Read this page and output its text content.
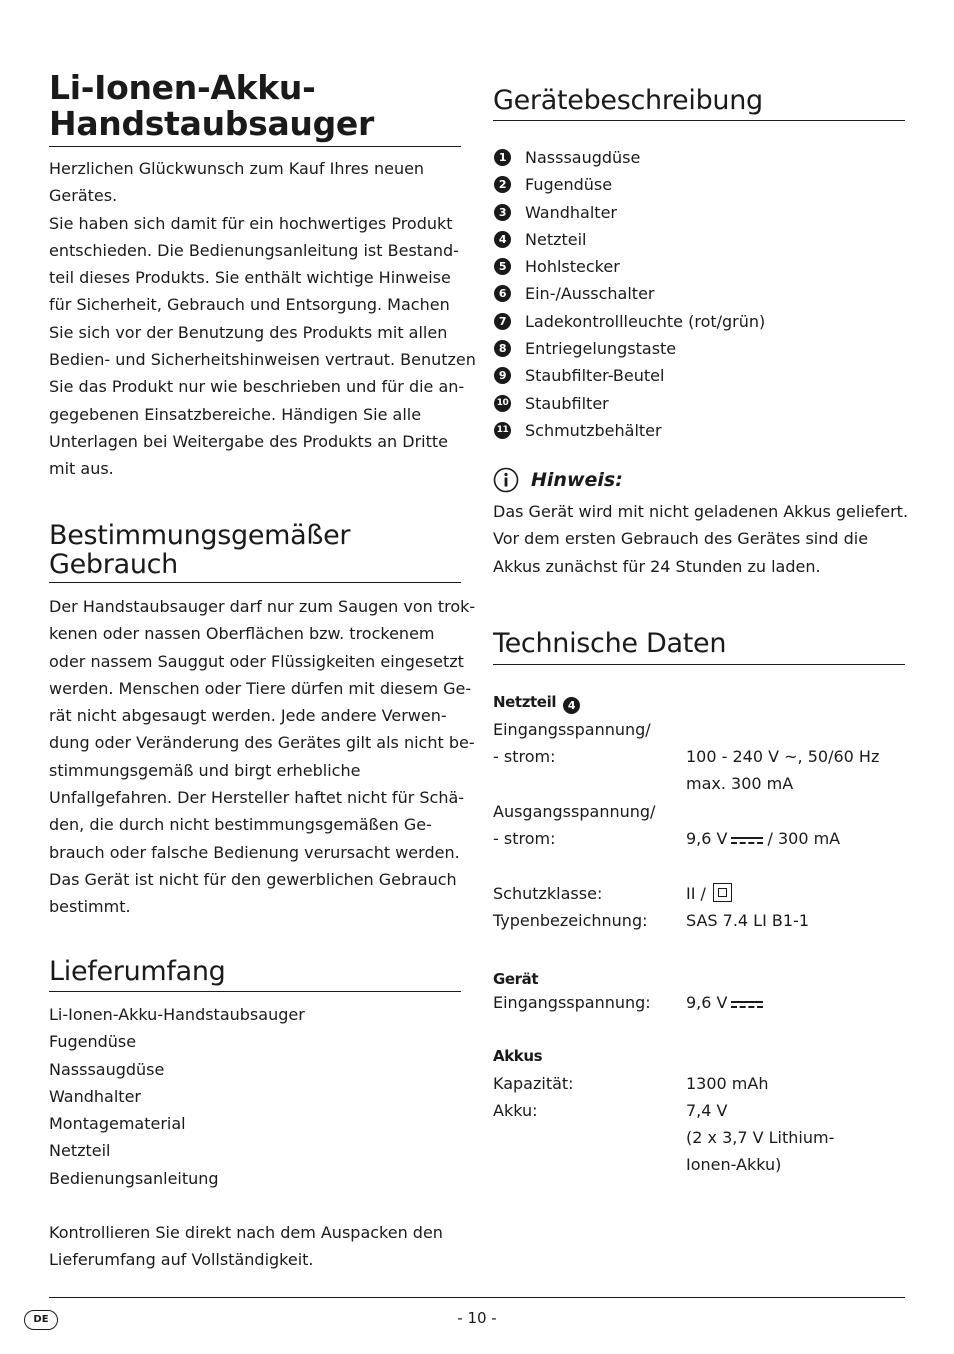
Li-Ionen-Akku-
Handstaubsauger
Herzlichen Glückwunsch zum Kauf Ihres neuen
Gerätes.
Sie haben sich damit für ein hochwertiges Produkt
entschieden. Die Bedienungsanleitung ist Bestand-
teil dieses Produkts. Sie enthält wichtige Hinweise
für Sicherheit, Gebrauch und Entsorgung. Machen
Sie sich vor der Benutzung des Produkts mit allen
Bedien- und Sicherheitshinweisen vertraut. Benutzen
Sie das Produkt nur wie beschrieben und für die an-
gegebenen Einsatzbereiche. Händigen Sie alle
Unterlagen bei Weitergabe des Produkts an Dritte
mit aus.
Bestimmungsgemäßer
Gebrauch
Der Handstaubsauger darf nur zum Saugen von trok-
kenen oder nassen Oberflächen bzw. trockenem
oder nassem Sauggut oder Flüssigkeiten eingesetzt
werden. Menschen oder Tiere dürfen mit diesem Ge-
rät nicht abgesaugt werden. Jede andere Verwen-
dung oder Veränderung des Gerätes gilt als nicht be-
stimmungsgemäß und birgt erhebliche
Unfallgefahren. Der Hersteller haftet nicht für Schä-
den, die durch nicht bestimmungsgemäßen Ge-
brauch oder falsche Bedienung verursacht werden.
Das Gerät ist nicht für den gewerblichen Gebrauch
bestimmt.
Lieferumfang
Li-Ionen-Akku-Handstaubsauger
Fugendüse
Nasssaugdüse
Wandhalter
Montagematerial
Netzteil
Bedienungsanleitung
Kontrollieren Sie direkt nach dem Auspacken den
Lieferumfang auf Vollständigkeit.
Gerätebeschreibung
1	Nasssaugdüse
2	Fugendüse
3	Wandhalter
4	Netzteil
5	Hohlstecker
6	Ein-/Ausschalter
7	Ladekontrollleuchte (rot/grün)
8	Entriegelungstaste
9	Staubfilter-Beutel
10 Staubfilter
11 Schmutzbehälter
Hinweis:
Das Gerät wird mit nicht geladenen Akkus geliefert.
Vor dem ersten Gebrauch des Gerätes sind die
Akkus zunächst für 24 Stunden zu laden.
Technische Daten
Netzteil 4
Eingangsspannung/
- strom:	100 - 240 V ~, 50/60 Hz
max. 300 mA
Ausgangsspannung/
- strom:	9,6 V	/ 300 mA
Schutzklasse:	II /
Typenbezeichnung: SAS 7.4 LI B1-1
Gerät
Eingangsspannung: 9,6 V
Akkus
Kapazität:	1300 mAh
Akku:	7,4 V
(2 x 3,7 V Lithium-
Ionen-Akku)
DE	- 10 -
